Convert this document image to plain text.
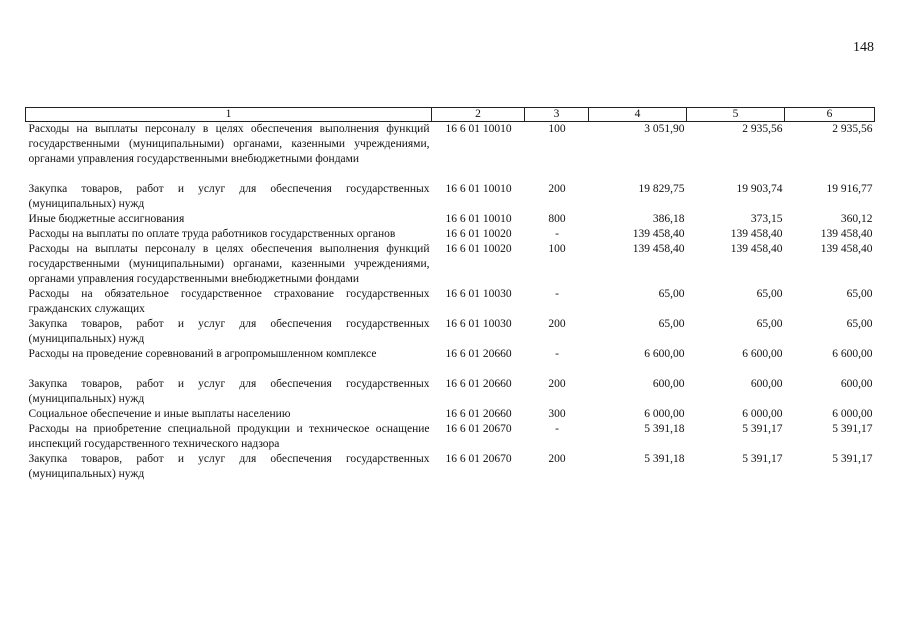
148
1	2	3	4	5	6
Расходы на выплаты персоналу в целях обеспечения выполнения функций государственными (муниципальными) органами, казенными учреждениями, органами управления государственными внебюджетными фондами	16 6 01 10010	100	3 051,90	2 935,56	2 935,56
Закупка товаров, работ и услуг для обеспечения государственных (муниципальных) нужд	16 6 01 10010	200	19 829,75	19 903,74	19 916,77
Иные бюджетные ассигнования	16 6 01 10010	800	386,18	373,15	360,12
Расходы на выплаты по оплате труда работников государственных органов	16 6 01 10020	-	139 458,40	139 458,40	139 458,40
Расходы на выплаты персоналу в целях обеспечения выполнения функций государственными (муниципальными) органами, казенными учреждениями, органами управления государственными внебюджетными фондами	16 6 01 10020	100	139 458,40	139 458,40	139 458,40
Расходы на обязательное государственное страхование государственных гражданских служащих	16 6 01 10030	-	65,00	65,00	65,00
Закупка товаров, работ и услуг для обеспечения государственных (муниципальных) нужд	16 6 01 10030	200	65,00	65,00	65,00
Расходы на проведение соревнований в агропромышленном комплексе	16 6 01 20660	-	6 600,00	6 600,00	6 600,00
Закупка товаров, работ и услуг для обеспечения государственных (муниципальных) нужд	16 6 01 20660	200	600,00	600,00	600,00
Социальное обеспечение и иные выплаты населению	16 6 01 20660	300	6 000,00	6 000,00	6 000,00
Расходы на приобретение специальной продукции и техническое оснащение инспекций государственного технического надзора	16 6 01 20670	-	5 391,18	5 391,17	5 391,17
Закупка товаров, работ и услуг для обеспечения государственных (муниципальных) нужд	16 6 01 20670	200	5 391,18	5 391,17	5 391,17
